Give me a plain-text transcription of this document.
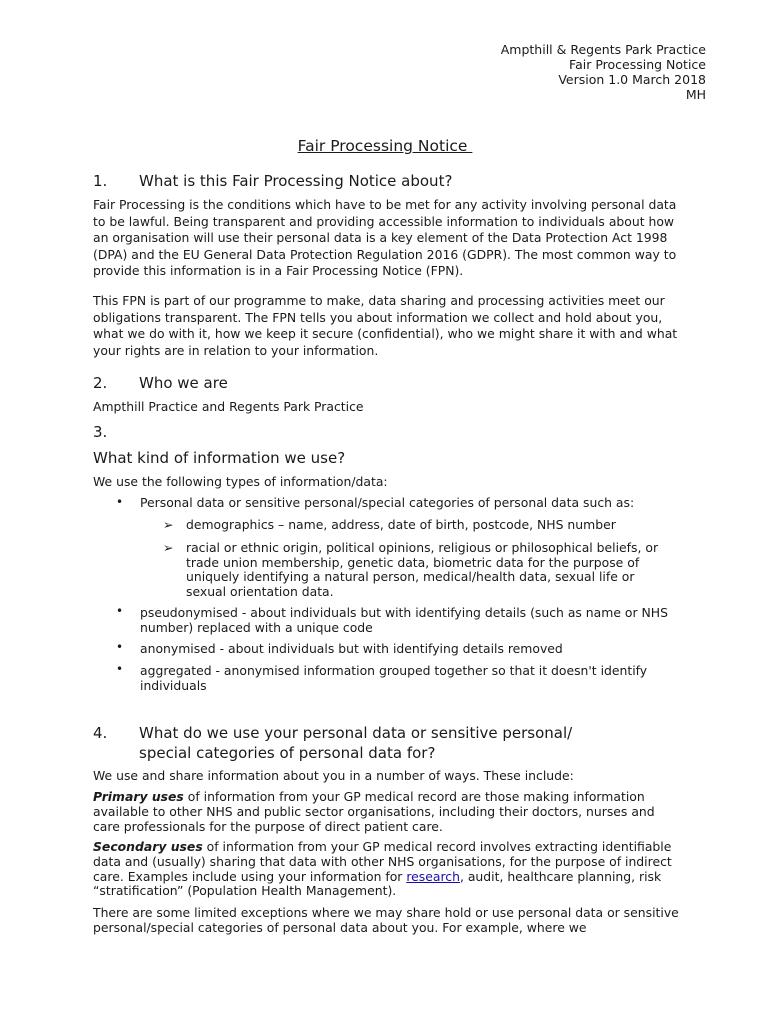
Ampthill & Regents Park Practice
Fair Processing Notice
Version 1.0 March 2018
MH
Fair Processing Notice
1. What is this Fair Processing Notice about?

Fair Processing is the conditions which have to be met for any activity involving personal data to be lawful. Being transparent and providing accessible information to individuals about how an organisation will use their personal data is a key element of the Data Protection Act 1998 (DPA) and the EU General Data Protection Regulation 2016 (GDPR). The most common way to provide this information is in a Fair Processing Notice (FPN).

This FPN is part of our programme to make, data sharing and processing activities meet our obligations transparent. The FPN tells you about information we collect and hold about you, what we do with it, how we keep it secure (confidential), who we might share it with and what your rights are in relation to your information.

2. Who we are

Ampthill Practice and Regents Park Practice

3.
What kind of information we use?

We use the following types of information/data:

• Personal data or sensitive personal/special categories of personal data such as:

➢ demographics – name, address, date of birth, postcode, NHS number

➢ racial or ethnic origin, political opinions, religious or philosophical beliefs, or trade union membership, genetic data, biometric data for the purpose of uniquely identifying a natural person, medical/health data, sexual life or sexual orientation data.

• pseudonymised - about individuals but with identifying details (such as name or NHS number) replaced with a unique code

• anonymised - about individuals but with identifying details removed

• aggregated - anonymised information grouped together so that it doesn't identify individuals

4. What do we use your personal data or sensitive personal/
special categories of personal data for?

We use and share information about you in a number of ways. These include:

Primary uses of information from your GP medical record are those making information available to other NHS and public sector organisations, including their doctors, nurses and care professionals for the purpose of direct patient care.

Secondary uses of information from your GP medical record involves extracting identifiable data and (usually) sharing that data with other NHS organisations, for the purpose of indirect care. Examples include using your information for research, audit, healthcare planning, risk “stratification” (Population Health Management).

There are some limited exceptions where we may share hold or use personal data or sensitive personal/special categories of personal data about you. For example, where we
